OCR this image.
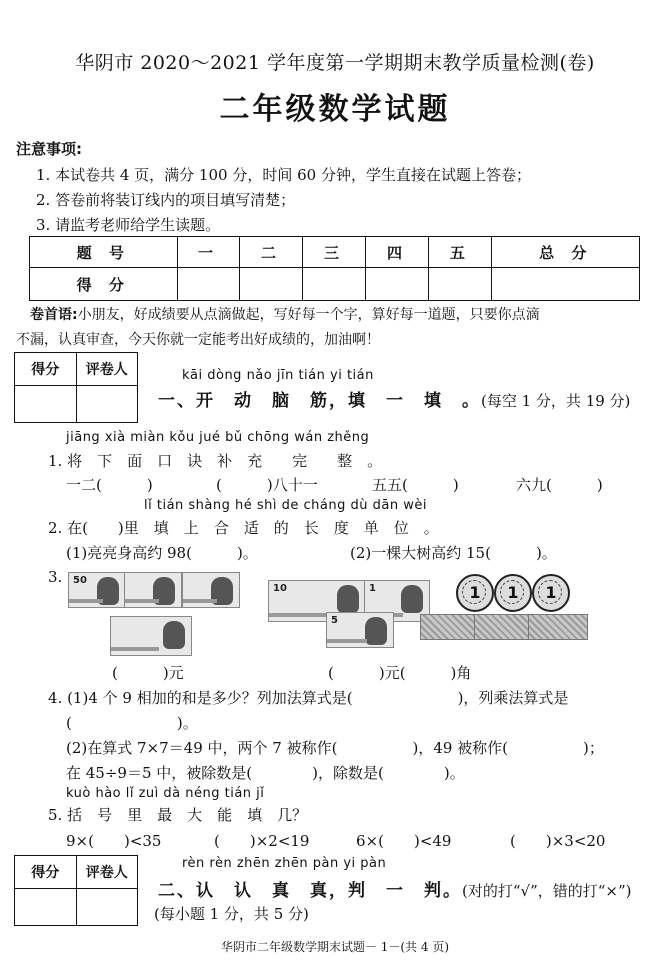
华阴市 2020～2021 学年度第一学期期末教学质量检测(卷)
二年级数学试题
注意事项:
1. 本试卷共 4 页，满分 100 分，时间 60 分钟，学生直接在试题上答卷；
2. 答卷前将装订线内的项目填写清楚；
3. 请监考老师给学生读题。
题 号	一	二	三	四	五	总 分
得 分						
卷首语:小朋友，好成绩要从点滴做起，写好每一个字，算好每一道题，只要你点滴
不漏，认真审查，今天你就一定能考出好成绩的，加油啊！
得分	评卷人
		kāi dòng nǎo jīn tián yi tián
一、开　动　脑　筋，填　一　填　。(每空 1 分，共 19 分)
jiāng xià miàn kǒu jué bǔ chōng wán zhěng
1. 将　下　面　口　诀　补　充　　完　　整　。
一二(　　　)	(　　　)八十一	五五(　　　)	六九(　　　)
lǐ tián shàng hé shì de cháng dù dān wèi
2. 在(　　)里　填　上　合　适　的　长　度　单　位　。
(1)亮亮身高约 98(　　　)。	(2)一棵大树高约 15(　　　)。
3. 50
10	1
5
1	1	1
(　　　)元	(　　　)元(　　　)角
4. (1)4 个 9 相加的和是多少？列加法算式是(　　　　　　　)，列乘法算式是
(　　　　　　　)。
(2)在算式 7×7＝49 中，两个 7 被称作(　　　　　)，49 被称作(　　　　　)；
在 45÷9＝5 中，被除数是(　　　　)，除数是(　　　　)。
kuò hào lǐ zuì dà néng tián jǐ
5. 括　号　里　最　大　能　填　几？
9×(　　)<35	(　　)×2<19	6×(　　)<49	(　　)×3<20
得分	评卷人

rèn rèn zhēn zhēn pàn yi pàn
二、认　认　真　真，判　一　判。(对的打“√”，错的打“×”)
(每小题 1 分，共 5 分)
华阴市二年级数学期末试题－ 1－(共 4 页)
